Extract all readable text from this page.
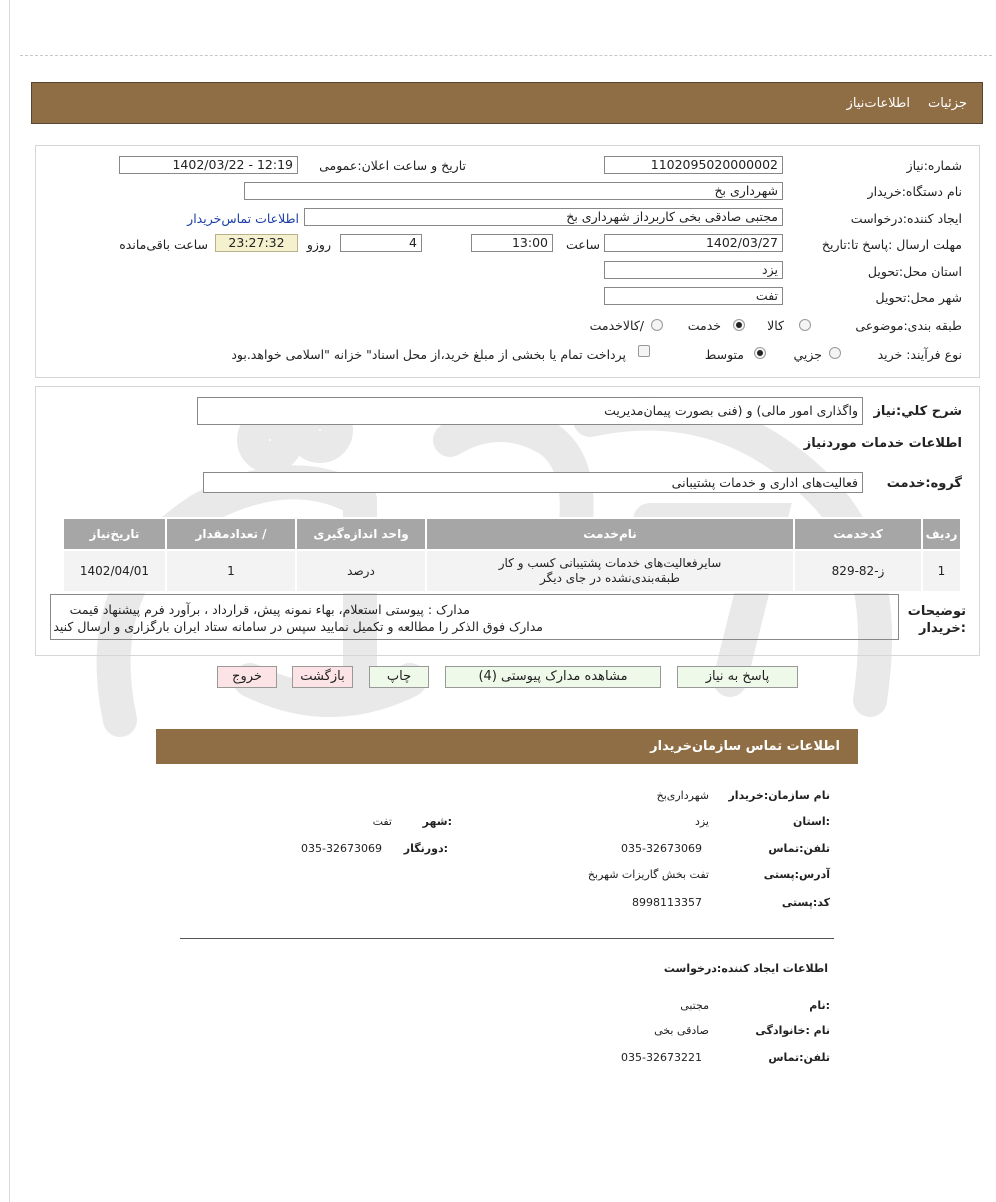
جزئیات
اطلاعات‌نیاز
شماره:نیاز
1102095020000002
تاریخ و ساعت اعلان:عمومی
1402/03/22 - 12:19
نام دستگاه:خریدار
شهرداری بخ
ایجاد کننده:درخواست
مجتبی صادقی بخی کاربرداز شهرداری بخ
اطلاعات تماس‌خریدار
مهلت ارسال :پاسخ تا:تاریخ
1402/03/27
ساعت
13:00
4
روزو
23:27:32
ساعت باقی‌مانده
استان محل:تحویل
یزد
شهر محل:تحویل
تفت
طبقه بندی:موضوعی
کالا
خدمت
/کالاخدمت
نوع فرآیند: خرید
جزيي
متوسط
پرداخت تمام یا بخشی از مبلغ خرید،از محل اسناد" خزانه "اسلامی خواهد.بود
شرح کلي:نیاز
واگذاری امور مالی) و (فنی بصورت پیمان‌مدیریت
اطلاعات خدمات موردنیاز
گروه:خدمت
فعالیت‌های اداری و خدمات پشتیبانی
ردیف	کدخدمت	نام‌خدمت	واحد اندازه‌گیری	/ تعدادمقدار	تاریخ‌نیاز
1	ز-82-829	سایرفعالیت‌های خدمات پشتیبانی کسب و کار طبقه‌بندی‌نشده در جای دیگر	درصد	1	1402/04/01
توضیحات :خریدار
مدارک : پیوستی استعلام، بهاء نمونه پیش، قرارداد ، برآورد فرم پیشنهاد قیمت
مدارک فوق الذکر را مطالعه و تکمیل نمایید سپس در سامانه ستاد ایران بارگزاری و ارسال کنید
پاسخ به نیاز
مشاهده مدارک پیوستی (4)
چاپ
بازگشت
خروج
اطلاعات تماس سازمان‌خریدار
نام سازمان:خریدار
شهرداری‌بخ
:استان
یزد
:شهر
تفت
تلفن:تماس
035-32673069
:دورنگار
035-32673069
آدرس:پستی
تفت بخش گاریزات شهربخ
کد:پستی
8998113357
اطلاعات ایجاد کننده:درخواست
:نام
مجتبی
نام :خانوادگی
صادقی بخی
تلفن:تماس
035-32673221
